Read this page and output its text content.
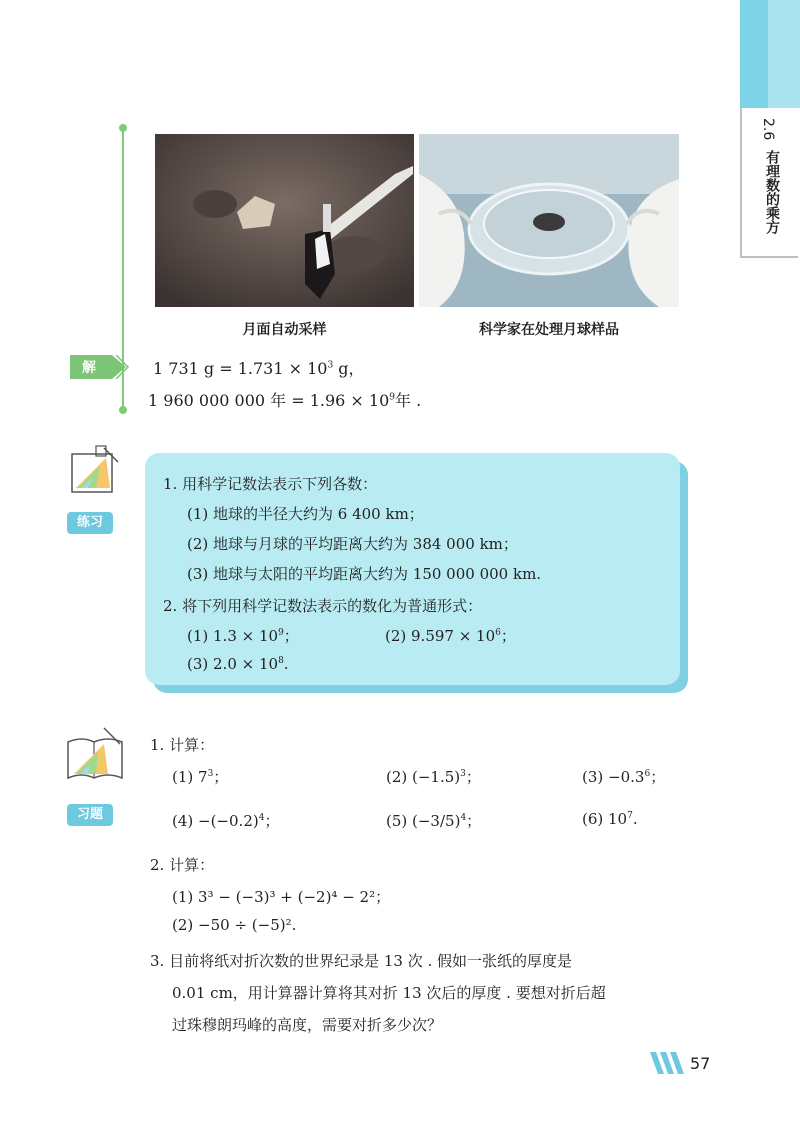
2.6
有理数的乘方
月面自动采样	科学家在处理月球样品
解	1 731 $g = 1.731 \times 10^3$ g，
1 960 000 000 年 = $1.96 \times 10^9$年 .
练习
1. 用科学记数法表示下列各数：
(1) 地球的半径大约为 6 400 km；
(2) 地球与月球的平均距离大约为 384 000 km；
(3) 地球与太阳的平均距离大约为 150 000 000 km.
2. 将下列用科学记数法表示的数化为普通形式：
(1) $1.3 \times 10^9$；	(2) $9.597 \times 10^6$；
(3) $2.0 \times 10^8$.
习题
1. 计算：
(1) $7^3$；	(2) $(-1.5)^3$；	$(3) -0.3^6$；
$(4) -(-0.2)^4$；	(5) $(-3/5)^4$；	(6) $10^7$.
2. 计算：
(1) 3³ − (−3)³ + (−2)⁴ − 2²；
(2) −50 ÷ (−5)².
3. 目前将纸对折次数的世界纪录是 13 次 . 假如一张纸的厚度是
0.01 cm，用计算器计算将其对折 13 次后的厚度 . 要想对折后超
过珠穆朗玛峰的高度，需要对折多少次？
57
